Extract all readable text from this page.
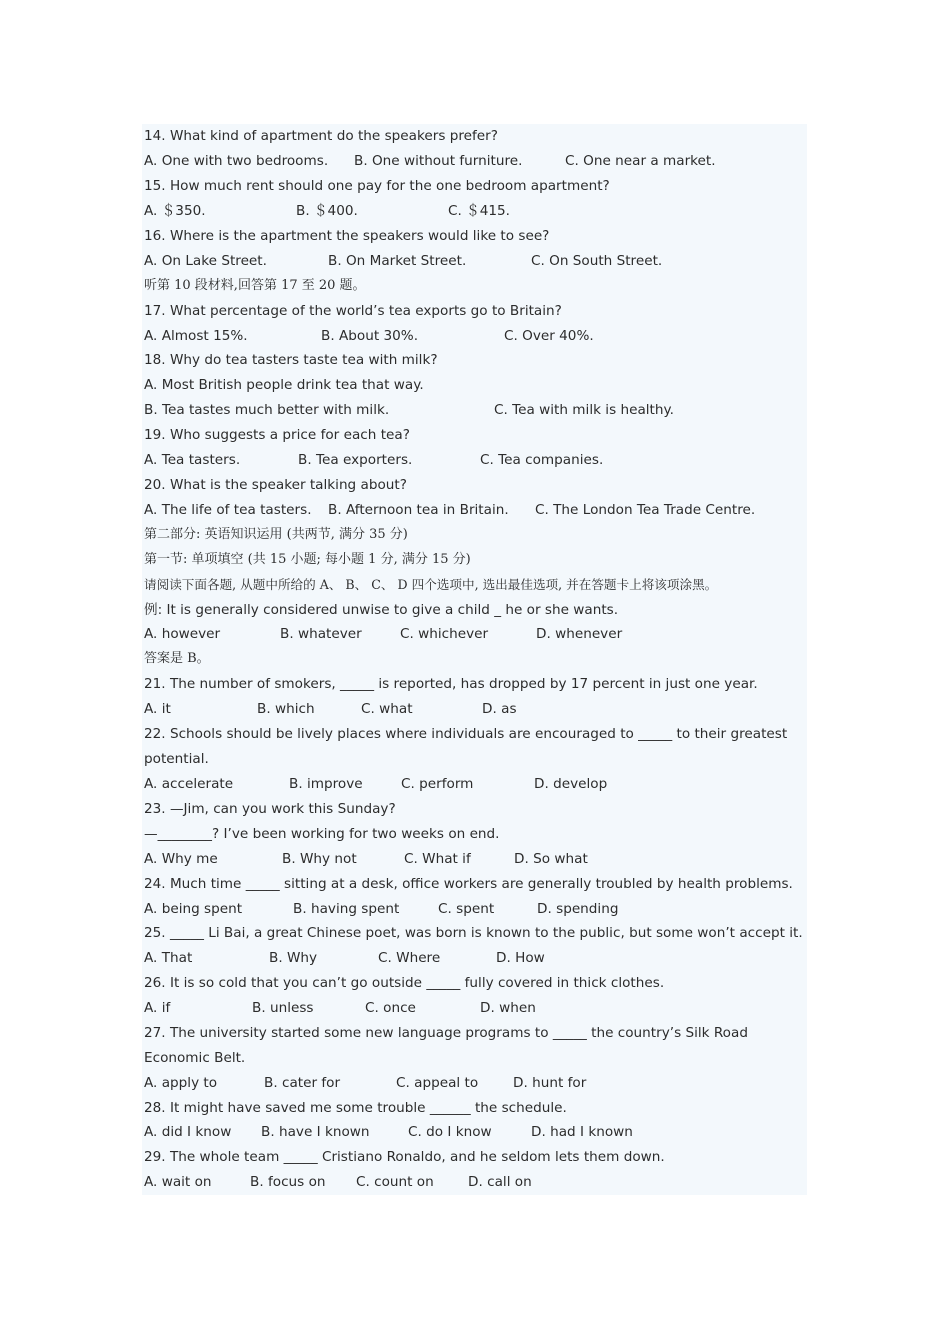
14. What kind of apartment do the speakers prefer?

A. One with two bedrooms.

B. One without furniture.

	C. One near a market.

15. How much rent should one pay for the one bedroom apartment?

A. ＄350.

	B. ＄400.

	C. ＄415.

16. Where is the apartment the speakers would like to see?

A. On Lake Street.

	B. On Market Street.

	C. On South Street.

听第 10 段材料,回答第 17 至 20 题。
17. What percentage of the world’s tea exports go to Britain?

A. Almost 15%.

	B. About 30%.

	C. Over 40%.

18. Why do tea tasters taste tea with milk?
A. Most British people drink tea that way.

B. Tea tastes much better with milk.

	C. Tea with milk is healthy.

19. Who suggests a price for each tea?

A. Tea tasters.

	B. Tea exporters.

	C. Tea companies.

20. What is the speaker talking about?

A. The life of tea tasters.

B. Afternoon tea in Britain.

C. The London Tea Trade Centre.

第二部分: 英语知识运用 (共两节, 满分 35 分)
第一节: 单项填空 (共 15 小题; 每小题 1 分, 满分 15 分)
请阅读下面各题, 从题中所给的 A、 B、 C、 D 四个选项中, 选出最佳选项, 并在答题卡上将该项涂黑。
例: It is generally considered unwise to give a child _ he or she wants.

A. however

	B. whatever

	C. whichever

	D. whenever

答案是 B。
21. The number of smokers, _____ is reported, has dropped by 17 percent in just one year.

A. it

	B. which

	C. what

	D. as

22. Schools should be lively places where individuals are encouraged to _____ to their greatest
potential.

A. accelerate

	B. improve

	C. perform

	D. develop

23. —Jim, can you work this Sunday?
—________? I’ve been working for two weeks on end.

A. Why me

	B. Why not

	C. What if

	D. So what

24. Much time _____ sitting at a desk, office workers are generally troubled by health problems.

A. being spent

	B. having spent

	C. spent

	D. spending

25. _____ Li Bai, a great Chinese poet, was born is known to the public, but some won’t accept it.

A. That

	B. Why

	C. Where

	D. How

26. It is so cold that you can’t go outside _____ fully covered in thick clothes.

A. if

	B. unless

	C. once

	D. when

27. The university started some new language programs to _____ the country’s Silk Road
Economic Belt.

A. apply to

	B. cater for

	C. appeal to

	D. hunt for

28. It might have saved me some trouble ______ the schedule.

A. did I know

B. have I known

	C. do I know

	D. had I known

29. The whole team _____ Cristiano Ronaldo, and he seldom lets them down.

A. wait on

	B. focus on

C. count on

	D. call on
